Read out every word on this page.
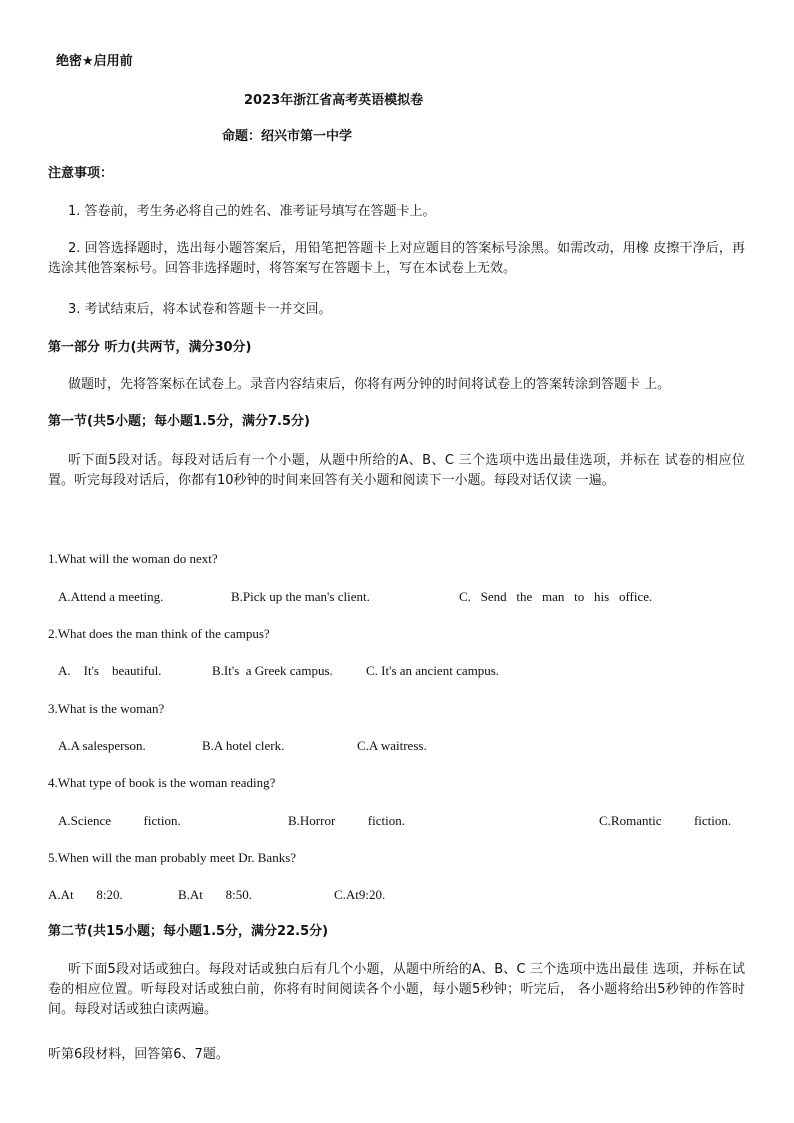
绝密★启用前
2023年浙江省高考英语模拟卷
命题：绍兴市第一中学
注意事项：
1. 答卷前，考生务必将自己的姓名、准考证号填写在答题卡上。
2. 回答选择题时，选出每小题答案后，用铅笔把答题卡上对应题目的答案标号涂黑。如需改动，用橡 皮擦干净后，再选涂其他答案标号。回答非选择题时，将答案写在答题卡上，写在本试卷上无效。
3. 考试结束后，将本试卷和答题卡一并交回。
第一部分 听力(共两节，满分30分)
做题时，先将答案标在试卷上。录音内容结束后，你将有两分钟的时间将试卷上的答案转涂到答题卡 上。
第一节(共5小题；每小题1.5分，满分7.5分)
听下面5段对话。每段对话后有一个小题，从题中所给的A、B、C 三个选项中选出最佳选项，并标在 试卷的相应位置。听完每段对话后，你都有10秒钟的时间来回答有关小题和阅读下一小题。每段对话仅读 一遍。
1.What will the woman do next?
A.Attend a meeting.	B.Pick up the man's client.	C.   Send   the   man   to   his   office.
2.What does the man think of the campus?
A.    It's    beautiful.	B.It's  a Greek campus.	C. It's an ancient campus.
3.What is the woman?
A.A salesperson.	B.A hotel clerk.	C.A waitress.
4.What type of book is the woman reading?
A.Science          fiction.	B.Horror          fiction.	C.Romantic          fiction.
5.When will the man probably meet Dr. Banks?
A.At       8:20.	B.At       8:50.	C.At9:20.
第二节(共15小题；每小题1.5分，满分22.5分)
听下面5段对话或独白。每段对话或独白后有几个小题，从题中所给的A、B、C 三个选项中选出最佳 选项，并标在试卷的相应位置。听每段对话或独白前，你将有时间阅读各个小题，每小题5秒钟；听完后， 各小题将给出5秒钟的作答时间。每段对话或独白读两遍。
听第6段材料，回答第6、7题。
